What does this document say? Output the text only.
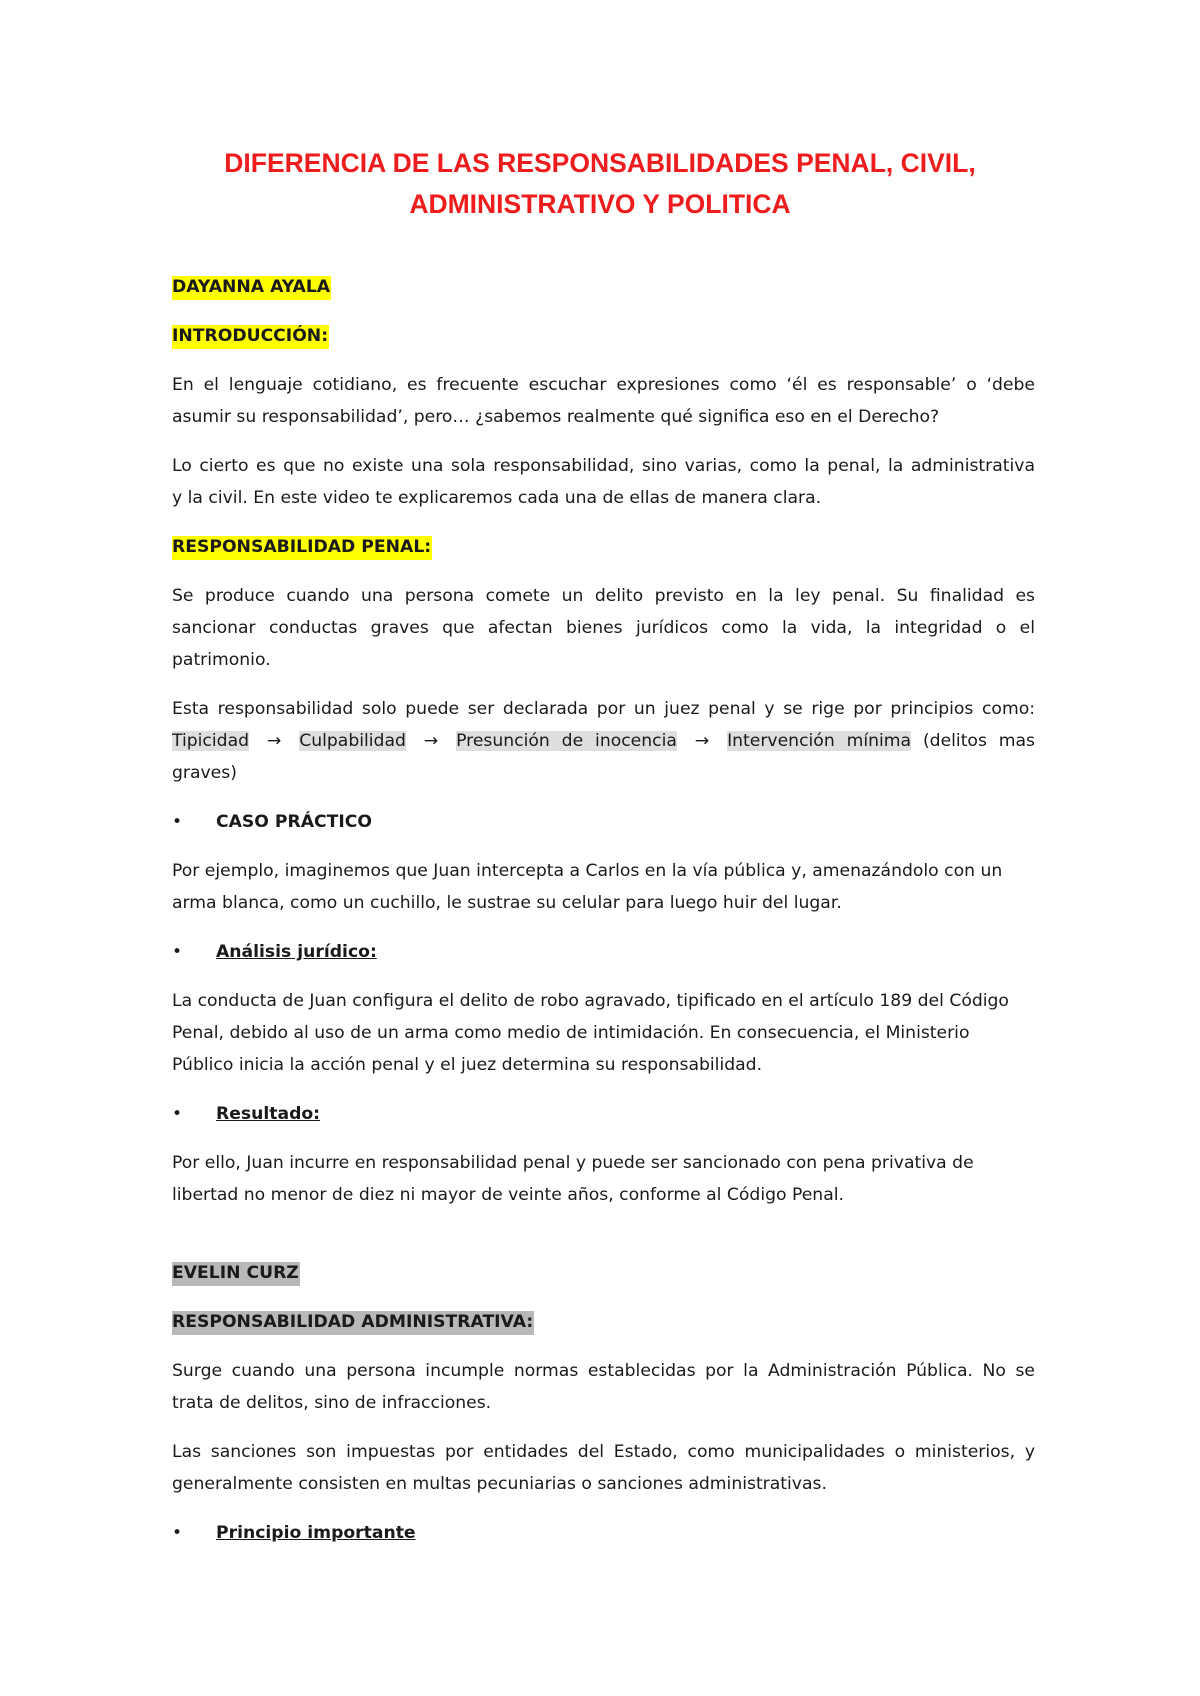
DIFERENCIA DE LAS RESPONSABILIDADES PENAL, CIVIL,
ADMINISTRATIVO Y POLITICA
DAYANNA AYALA
INTRODUCCIÓN:
En el lenguaje cotidiano, es frecuente escuchar expresiones como ‘él es responsable’ o ‘debe
asumir su responsabilidad’, pero… ¿sabemos realmente qué significa eso en el Derecho?
Lo cierto es que no existe una sola responsabilidad, sino varias, como la penal, la administrativa
y la civil. En este video te explicaremos cada una de ellas de manera clara.
RESPONSABILIDAD PENAL:
Se produce cuando una persona comete un delito previsto en la ley penal. Su finalidad es
sancionar conductas graves que afectan bienes jurídicos como la vida, la integridad o el
patrimonio.
Esta responsabilidad solo puede ser declarada por un juez penal y se rige por principios como:
Tipicidad → Culpabilidad → Presunción de inocencia → Intervención mínima (delitos mas
graves)
• CASO PRÁCTICO
Por ejemplo, imaginemos que Juan intercepta a Carlos en la vía pública y, amenazándolo con un
arma blanca, como un cuchillo, le sustrae su celular para luego huir del lugar.
• Análisis jurídico:
La conducta de Juan configura el delito de robo agravado, tipificado en el artículo 189 del Código
Penal, debido al uso de un arma como medio de intimidación. En consecuencia, el Ministerio
Público inicia la acción penal y el juez determina su responsabilidad.
• Resultado:
Por ello, Juan incurre en responsabilidad penal y puede ser sancionado con pena privativa de
libertad no menor de diez ni mayor de veinte años, conforme al Código Penal.
EVELIN CURZ
RESPONSABILIDAD ADMINISTRATIVA:
Surge cuando una persona incumple normas establecidas por la Administración Pública. No se
trata de delitos, sino de infracciones.
Las sanciones son impuestas por entidades del Estado, como municipalidades o ministerios, y
generalmente consisten en multas pecuniarias o sanciones administrativas.
• Principio importante
